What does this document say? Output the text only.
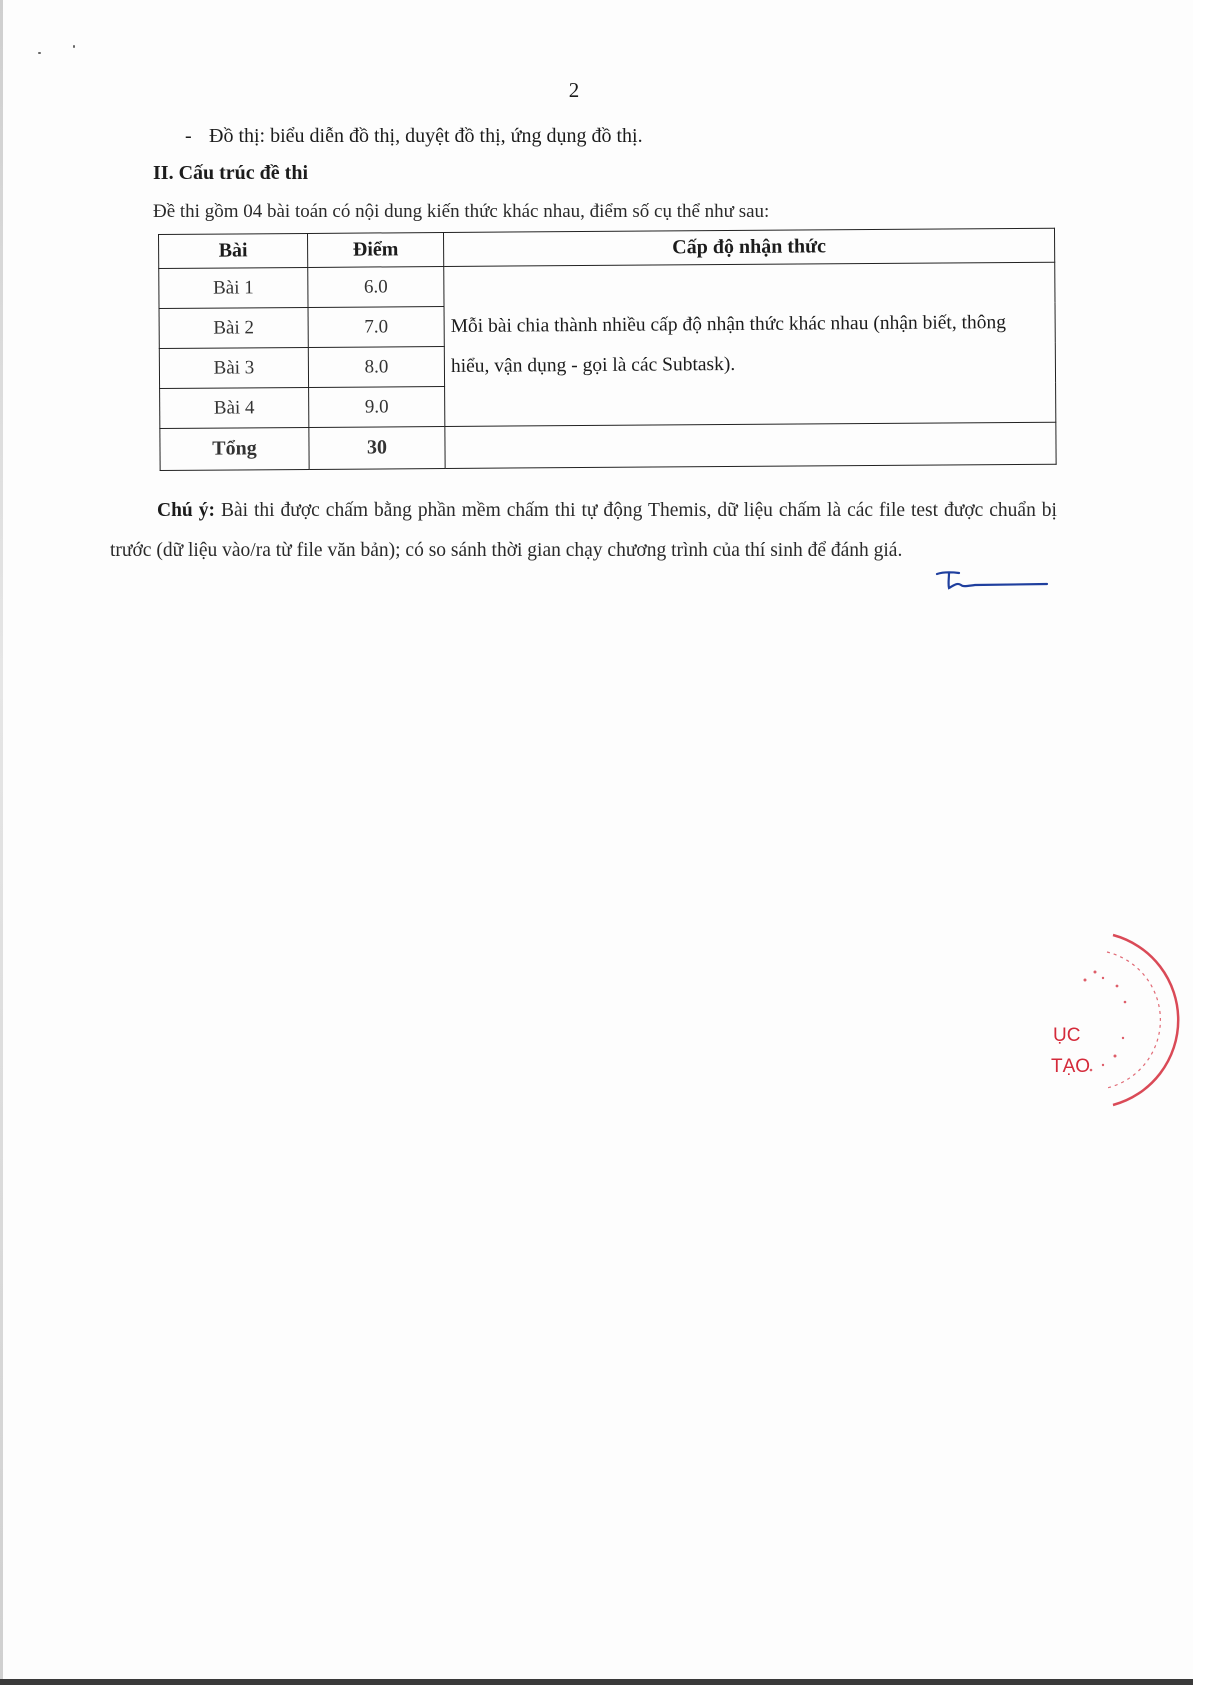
2
- Đồ thị: biểu diễn đồ thị, duyệt đồ thị, ứng dụng đồ thị.
II. Cấu trúc đề thi
Đề thi gồm 04 bài toán có nội dung kiến thức khác nhau, điểm số cụ thể như sau:
Bài	Điểm	Cấp độ nhận thức
Bài 1	6.0	Mỗi bài chia thành nhiều cấp độ nhận thức khác nhau (nhận biết, thông hiểu, vận dụng - gọi là các Subtask).
Bài 2	7.0	
Bài 3	8.0	
Bài 4	9.0	
Tổng	30	
Chú ý: Bài thi được chấm bằng phần mềm chấm thi tự động Themis, dữ liệu chấm là các file test được chuẩn bị trước (dữ liệu vào/ra từ file văn bản); có so sánh thời gian chạy chương trình của thí sinh để đánh giá.
ỤC
TẠO
